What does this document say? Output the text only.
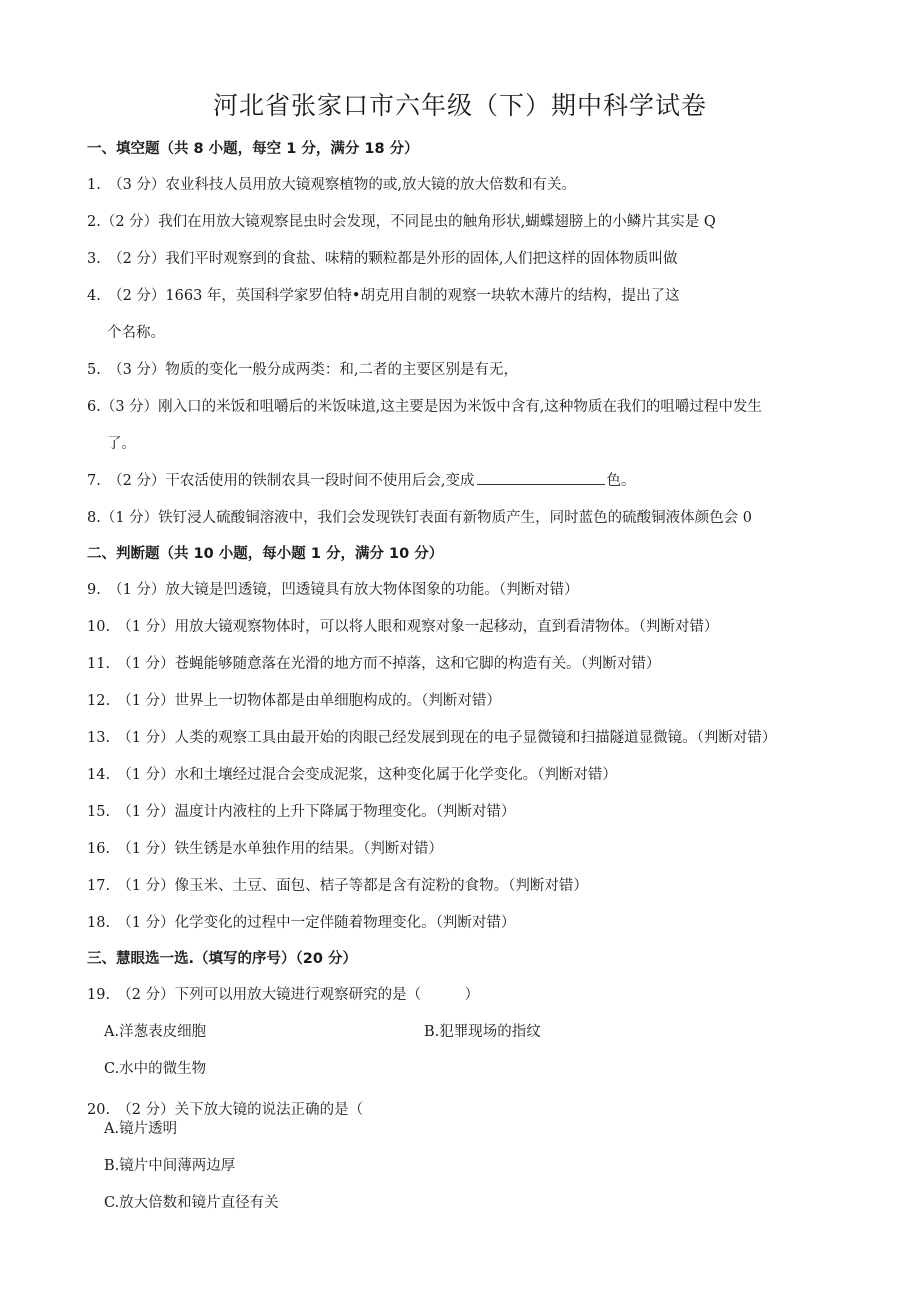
河北省张家口市六年级（下）期中科学试卷
一、填空题（共 8 小题，每空 1 分，满分 18 分）
1.　（3 分）农业科技人员用放大镜观察植物的或,放大镜的放大倍数和有关。
2.（2 分）我们在用放大镜观察昆虫时会发现，不同昆虫的触角形状,蝴蝶翅膀上的小鳞片其实是 Q
3.　（2 分）我们平时观察到的食盐、味精的颗粒都是外形的固体,人们把这样的固体物质叫做
4.　（2 分）1663 年，英国科学家罗伯特•胡克用自制的观察一块软木薄片的结构，提出了这
个名称。
5.　（3 分）物质的变化一般分成两类：和,二者的主要区别是有无，
6.（3 分）刚入口的米饭和咀嚼后的米饭味道,这主要是因为米饭中含有,这种物质在我们的咀嚼过程中发生
了。
7.　（2 分）干农活使用的铁制农具一段时间不使用后会,变成	色。
8.（1 分）铁钉浸人硫酸铜溶液中，我们会发现铁钉表面有新物质产生，同时蓝色的硫酸铜液体颜色会 0
二、判断题（共 10 小题，每小题 1 分，满分 10 分）
9.　（1 分）放大镜是凹透镜，凹透镜具有放大物体图象的功能。（判断对错）
10.　（1 分）用放大镜观察物体时，可以将人眼和观察对象一起移动，直到看清物体。（判断对错）
11.　（1 分）苍蝇能够随意落在光滑的地方而不掉落，这和它脚的构造有关。（判断对错）
12.　（1 分）世界上一切物体都是由单细胞构成的。（判断对错）
13.　（1 分）人类的观察工具由最开始的肉眼己经发展到现在的电子显微镜和扫描隧道显微镜。（判断对错）
14.　（1 分）水和土壤经过混合会变成泥浆，这种变化属于化学变化。（判断对错）
15.　（1 分）温度计内液柱的上升下降属于物理变化。（判断对错）
16.　（1 分）铁生锈是水单独作用的结果。（判断对错）
17.　（1 分）像玉米、土豆、面包、桔子等都是含有淀粉的食物。（判断对错）
18.　（1 分）化学变化的过程中一定伴随着物理变化。（判断对错）
三、慧眼选一选.（填写的序号）（20 分）
19.　（2 分）下列可以用放大镜进行观察研究的是（　　　）
A.洋葱表皮细胞	B.犯罪现场的指纹
C.水中的微生物
20.　（2 分）关下放大镜的说法正确的是（
A.镜片透明
B.镜片中间薄两边厚
C.放大倍数和镜片直径有关
